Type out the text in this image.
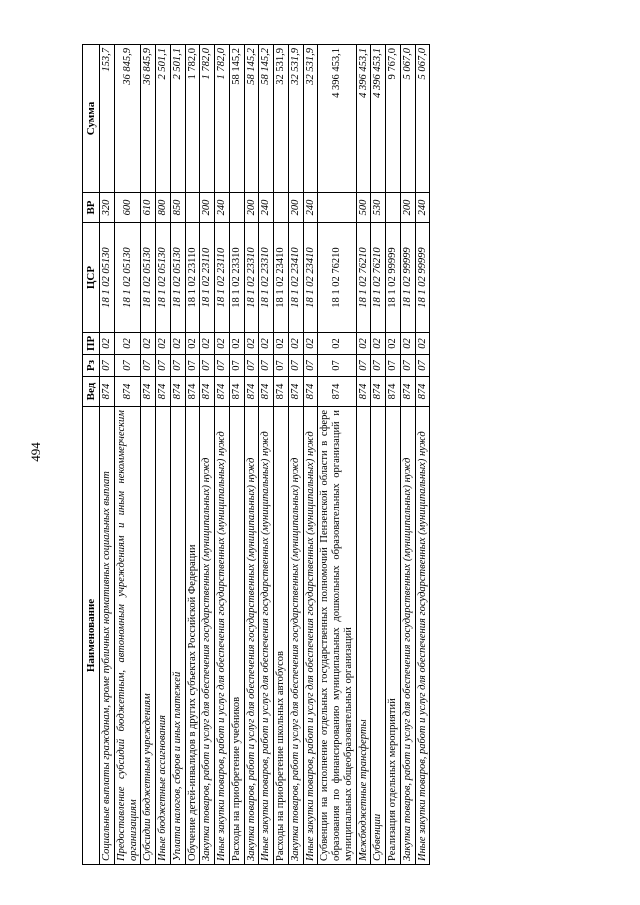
494
Наименование	Вед	Рз	ПР	ЦСР	ВР	Сумма
Социальные выплаты гражданам, кроме публичных нормативных социальных выплат	874	07	02	18 1 02 05130	320	153,7
Предоставление субсидий бюджетным, автономным учреждениям и иным некоммерческим организациям	874	07	02	18 1 02 05130	600	36 845,9
Субсидии бюджетным учреждениям	874	07	02	18 1 02 05130	610	36 845,9
Иные бюджетные ассигнования	874	07	02	18 1 02 05130	800	2 501,1
Уплата налогов, сборов и иных платежей	874	07	02	18 1 02 05130	850	2 501,1
Обучение детей-инвалидов в других субъектах Российской Федерации	874	07	02	18 1 02 23110		1 782,0
Закупка товаров, работ и услуг для обеспечения государственных (муниципальных) нужд	874	07	02	18 1 02 23110	200	1 782,0
Иные закупки товаров, работ и услуг для обеспечения государственных (муниципальных) нужд	874	07	02	18 1 02 23110	240	1 782,0
Расходы на приобретение учебников	874	07	02	18 1 02 23310		58 145,2
Закупка товаров, работ и услуг для обеспечения государственных (муниципальных) нужд	874	07	02	18 1 02 23310	200	58 145,2
Иные закупки товаров, работ и услуг для обеспечения государственных (муниципальных) нужд	874	07	02	18 1 02 23310	240	58 145,2
Расходы на приобретение школьных автобусов	874	07	02	18 1 02 23410		32 531,9
Закупка товаров, работ и услуг для обеспечения государственных (муниципальных) нужд	874	07	02	18 1 02 23410	200	32 531,9
Иные закупки товаров, работ и услуг для обеспечения государственных (муниципальных) нужд	874	07	02	18 1 02 23410	240	32 531,9
Субвенции на исполнение отдельных государственных полномочий Пензенской области в сфере образования по финансированию муниципальных дошкольных образовательных организаций и муниципальных общеобразовательных организаций	874	07	02	18 1 02 76210		4 396 453,1
Межбюджетные трансферты	874	07	02	18 1 02 76210	500	4 396 453,1
Субвенции	874	07	02	18 1 02 76210	530	4 396 453,1
Реализация отдельных мероприятий	874	07	02	18 1 02 99999		9 767,0
Закупка товаров, работ и услуг для обеспечения государственных (муниципальных) нужд	874	07	02	18 1 02 99999	200	5 067,0
Иные закупки товаров, работ и услуг для обеспечения государственных (муниципальных) нужд	874	07	02	18 1 02 99999	240	5 067,0
